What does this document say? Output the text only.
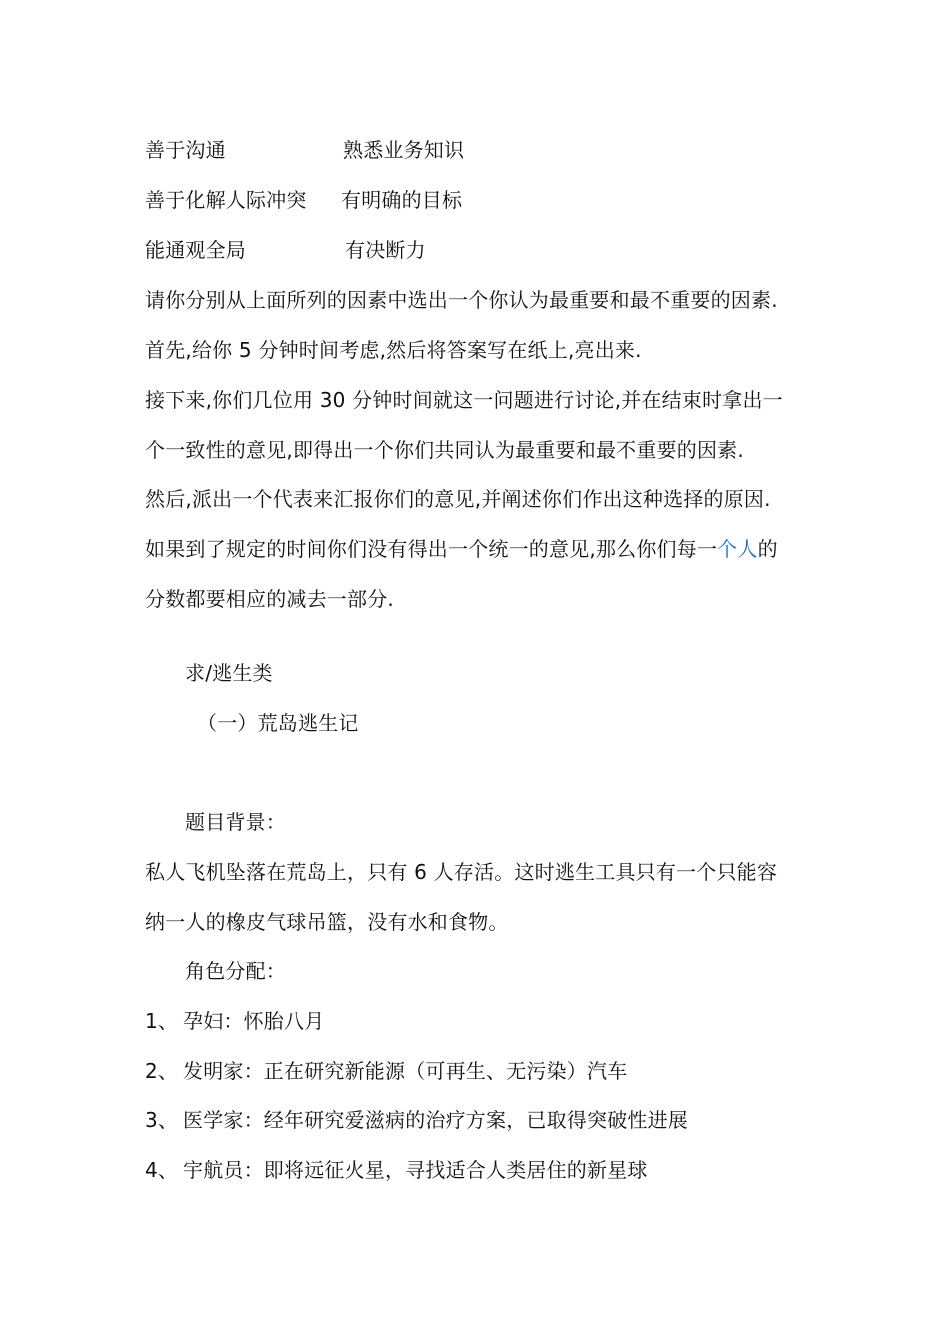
善于沟通	熟悉业务知识
善于化解人际冲突 有明确的目标
能通观全局	有决断力
请你分别从上面所列的因素中选出一个你认为最重要和最不重要的因素.
首先,给你 5 分钟时间考虑,然后将答案写在纸上,亮出来.
接下来,你们几位用 30 分钟时间就这一问题进行讨论,并在结束时拿出一
个一致性的意见,即得出一个你们共同认为最重要和最不重要的因素.
然后,派出一个代表来汇报你们的意见,并阐述你们作出这种选择的原因.
如果到了规定的时间你们没有得出一个统一的意见,那么你们每一个人的
分数都要相应的减去一部分.
求/逃生类
（一）荒岛逃生记
题目背景：
私人飞机坠落在荒岛上，只有 6 人存活。这时逃生工具只有一个只能容
纳一人的橡皮气球吊篮，没有水和食物。
角色分配：
1、 孕妇：怀胎八月
2、 发明家：正在研究新能源（可再生、无污染）汽车
3、 医学家：经年研究爱滋病的治疗方案，已取得突破性进展
4、 宇航员：即将远征火星，寻找适合人类居住的新星球
